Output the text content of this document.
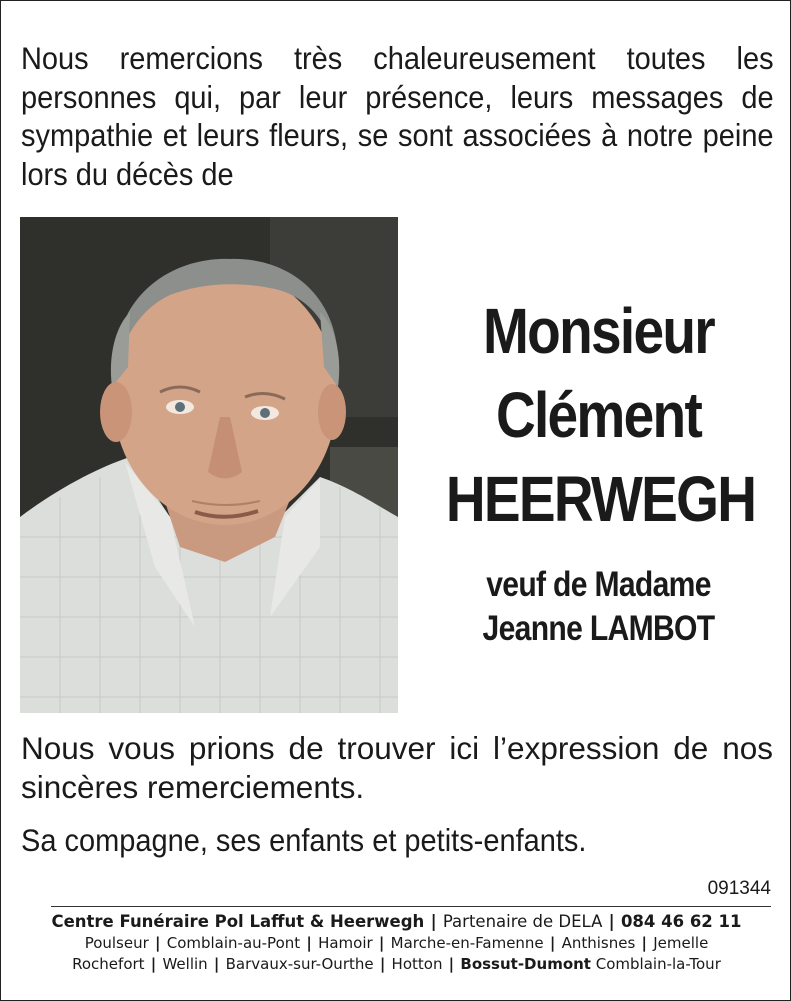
Nous remercions très chaleureusement toutes les personnes qui, par leur présence, leurs messages de sympathie et leurs fleurs, se sont associées à notre peine lors du décès de
Monsieur
Clément
HEERWEGH
veuf de Madame
Jeanne LAMBOT
Nous vous prions de trouver ici l’expression de nos sincères remerciements.
Sa compagne, ses enfants et petits-enfants.
091344
Centre Funéraire Pol Laffut & Heerwegh | Partenaire de DELA | 084 46 62 11
Poulseur | Comblain-au-Pont | Hamoir | Marche-en-Famenne | Anthisnes | Jemelle
Rochefort | Wellin | Barvaux-sur-Ourthe | Hotton | Bossut-Dumont Comblain-la-Tour
